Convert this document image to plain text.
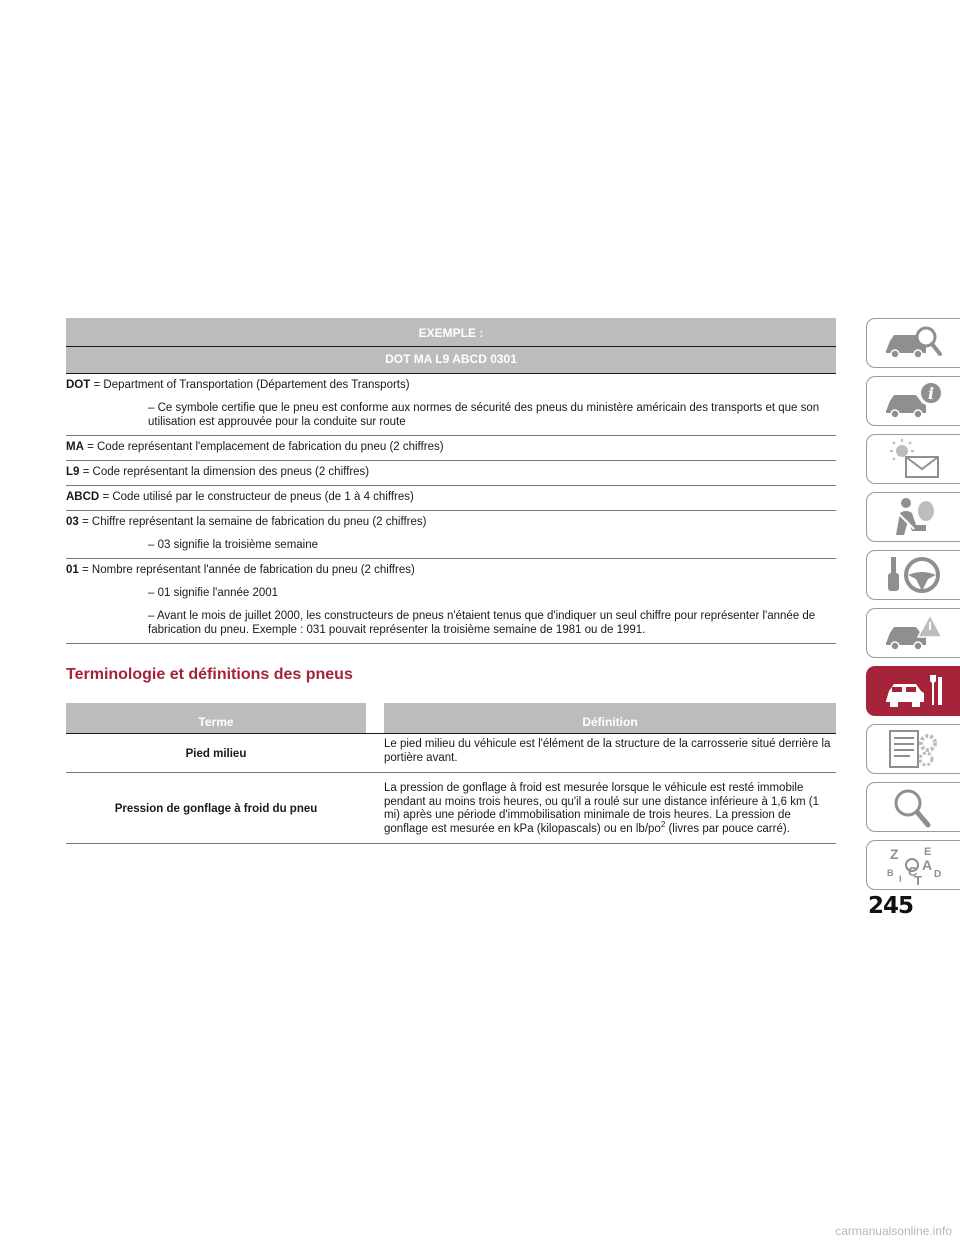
EXEMPLE :
DOT MA L9 ABCD 0301

DOT = Department of Transportation (Département des Transports)

– Ce symbole certifie que le pneu est conforme aux normes de sécurité des pneus du ministère américain des transports et que son utilisation est approuvée pour la conduite sur route

MA = Code représentant l'emplacement de fabrication du pneu (2 chiffres)

L9 = Code représentant la dimension des pneus (2 chiffres)

ABCD = Code utilisé par le constructeur de pneus (de 1 à 4 chiffres)

03 = Chiffre représentant la semaine de fabrication du pneu (2 chiffres)

– 03 signifie la troisième semaine

01 = Nombre représentant l'année de fabrication du pneu (2 chiffres)

– 01 signifie l'année 2001

– Avant le mois de juillet 2000, les constructeurs de pneus n'étaient tenus que d'indiquer un seul chiffre pour représenter l'année de fabrication du pneu. Exemple : 031 pouvait représenter la troisième semaine de 1981 ou de 1991.

Terminologie et définitions des pneus
Terme	Définition
Pied milieu
Le pied milieu du véhicule est l'élément de la structure de la carrosserie situé derrière la portière avant.
Pression de gonflage à froid du pneu
La pression de gonflage à froid est mesurée lorsque le véhicule est resté immobile pendant au moins trois heures, ou qu'il a roulé sur une distance inférieure à 1,6 km (1 mi) après une période d'immobilisation minimale de trois heures. La pression de gonflage est mesurée en kPa (kilopascals) ou en $lb/po^2$ (livres par pouce carré).
i
Z E
A
B C
I T D
245
carmanualsonline.info
